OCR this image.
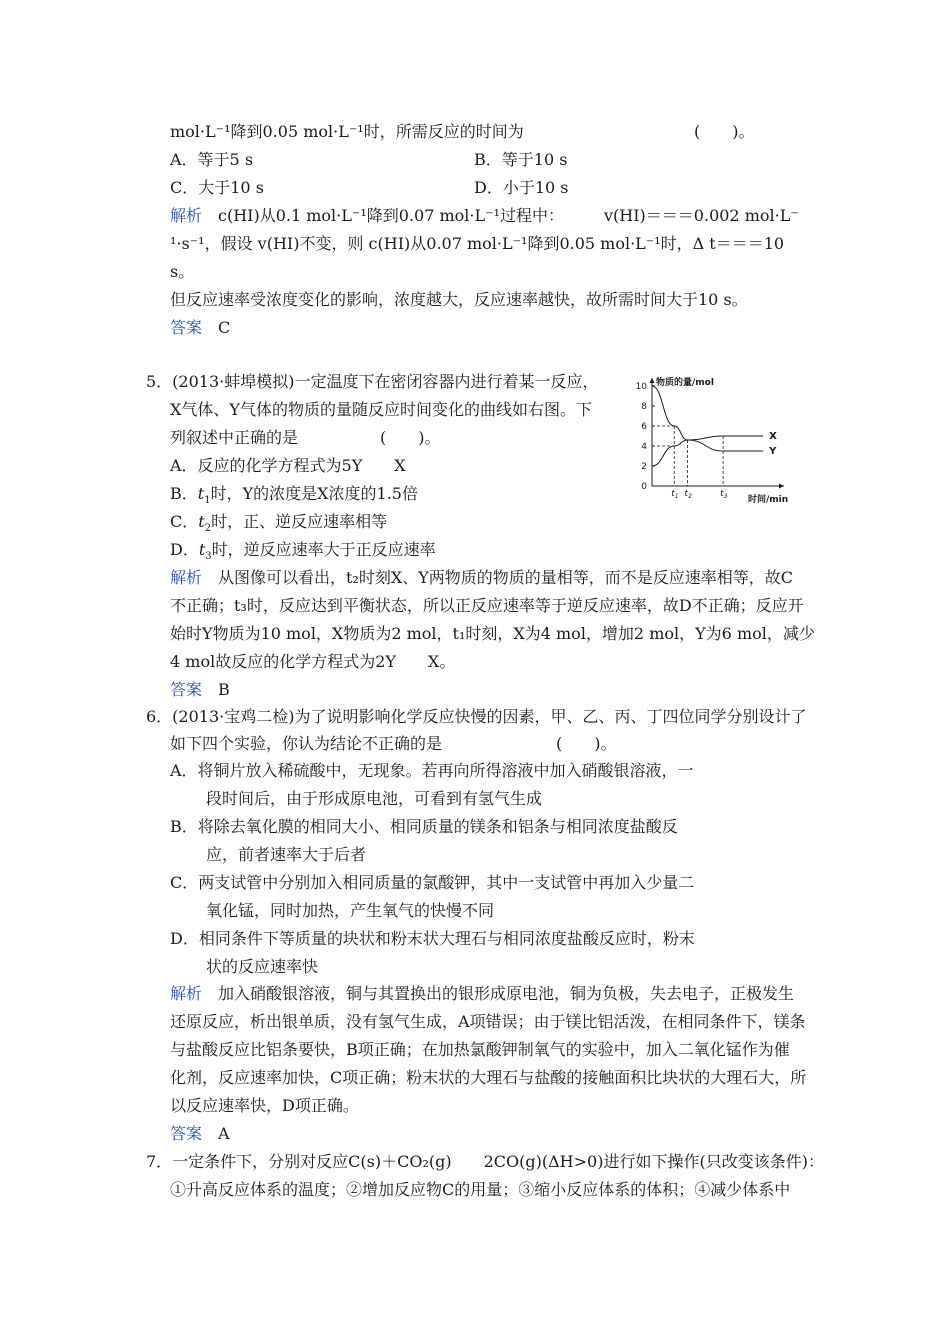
mol·L⁻¹降到0.05 mol·L⁻¹时，所需反应的时间为	(　　)。
A．等于5 s	B．等于10 s
C．大于10 s	D．小于10 s
解析 c(HI)从0.1 mol·L⁻¹降到0.07 mol·L⁻¹过程中：	v(HI)＝＝＝0.002 mol·L⁻
¹·s⁻¹，假设 v(HI)不变，则 c(HI)从0.07 mol·L⁻¹降到0.05 mol·L⁻¹时，Δ t＝＝＝10
s。
但反应速率受浓度变化的影响，浓度越大，反应速率越快，故所需时间大于10 s。
答案 C
5．(2013·蚌埠模拟)一定温度下在密闭容器内进行着某一反应，
X气体、Y气体的物质的量随反应时间变化的曲线如右图。下
列叙述中正确的是	(　　)。
A．反应的化学方程式为5Y　　X
B．$t_1$时，Y的浓度是X浓度的1.5倍
C．$t_2$时，正、逆反应速率相等
D．$t_3$时，逆反应速率大于正反应速率
物质的量/mol
时间/min
0
2
4
6
8
10
$t_1$ $t_2$	$t_3$
X
Y
解析 从图像可以看出，t₂时刻X、Y两物质的物质的量相等，而不是反应速率相等，故C
不正确；t₃时，反应达到平衡状态，所以正反应速率等于逆反应速率，故D不正确；反应开
始时Y物质为10 mol，X物质为2 mol，t₁时刻，X为4 mol，增加2 mol，Y为6 mol，减少
4 mol故反应的化学方程式为2Y　　X。
答案 B
6．(2013·宝鸡二检)为了说明影响化学反应快慢的因素，甲、乙、丙、丁四位同学分别设计了
如下四个实验，你认为结论不正确的是	(　　)。
A．将铜片放入稀硫酸中，无现象。若再向所得溶液中加入硝酸银溶液，一
段时间后，由于形成原电池，可看到有氢气生成
B．将除去氧化膜的相同大小、相同质量的镁条和铝条与相同浓度盐酸反
应，前者速率大于后者
C．两支试管中分别加入相同质量的氯酸钾，其中一支试管中再加入少量二
氧化锰，同时加热，产生氧气的快慢不同
D．相同条件下等质量的块状和粉末状大理石与相同浓度盐酸反应时，粉末
状的反应速率快
解析 加入硝酸银溶液，铜与其置换出的银形成原电池，铜为负极，失去电子，正极发生
还原反应，析出银单质，没有氢气生成，A项错误；由于镁比铝活泼，在相同条件下，镁条
与盐酸反应比铝条要快，B项正确；在加热氯酸钾制氧气的实验中，加入二氧化锰作为催
化剂，反应速率加快，C项正确；粉末状的大理石与盐酸的接触面积比块状的大理石大，所
以反应速率快，D项正确。
答案 A
7．一定条件下，分别对反应C(s)＋CO₂(g)　　2CO(g)(ΔH>0)进行如下操作(只改变该条件)：
①升高反应体系的温度；②增加反应物C的用量；③缩小反应体系的体积；④减少体系中
